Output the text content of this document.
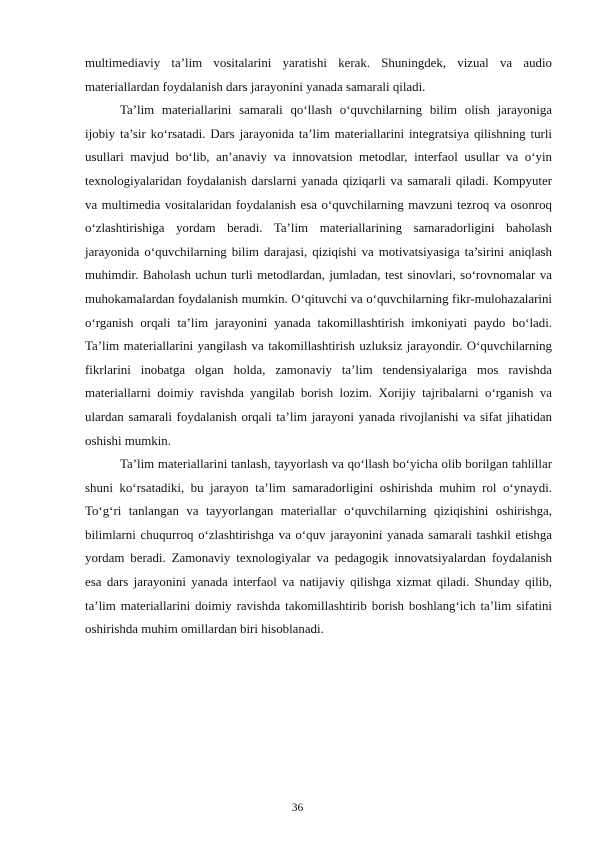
multimediaviy ta’lim vositalarini yaratishi kerak. Shuningdek, vizual va audio materiallardan foydalanish dars jarayonini yanada samarali qiladi.

Ta’lim materiallarini samarali qo‘llash o‘quvchilarning bilim olish jarayoniga ijobiy ta’sir ko‘rsatadi. Dars jarayonida ta’lim materiallarini integratsiya qilishning turli usullari mavjud bo‘lib, an’anaviy va innovatsion metodlar, interfaol usullar va o‘yin texnologiyalaridan foydalanish darslarni yanada qiziqarli va samarali qiladi. Kompyuter va multimedia vositalaridan foydalanish esa o‘quvchilarning mavzuni tezroq va osonroq o‘zlashtirishiga yordam beradi. Ta’lim materiallarining samaradorligini baholash jarayonida o‘quvchilarning bilim darajasi, qiziqishi va motivatsiyasiga ta’sirini aniqlash muhimdir. Baholash uchun turli metodlardan, jumladan, test sinovlari, so‘rovnomalar va muhokamalardan foydalanish mumkin. O‘qituvchi va o‘quvchilarning fikr-mulohazalarini o‘rganish orqali ta’lim jarayonini yanada takomillashtirish imkoniyati paydo bo‘ladi. Ta’lim materiallarini yangilash va takomillashtirish uzluksiz jarayondir. O‘quvchilarning fikrlarini inobatga olgan holda, zamonaviy ta’lim tendensiyalariga mos ravishda materiallarni doimiy ravishda yangilab borish lozim. Xorijiy tajribalarni o‘rganish va ulardan samarali foydalanish orqali ta’lim jarayoni yanada rivojlanishi va sifat jihatidan oshishi mumkin.

Ta’lim materiallarini tanlash, tayyorlash va qo‘llash bo‘yicha olib borilgan tahlillar shuni ko‘rsatadiki, bu jarayon ta’lim samaradorligini oshirishda muhim rol o‘ynaydi. To‘g‘ri tanlangan va tayyorlangan materiallar o‘quvchilarning qiziqishini oshirishga, bilimlarni chuqurroq o‘zlashtirishga va o‘quv jarayonini yanada samarali tashkil etishga yordam beradi. Zamonaviy texnologiyalar va pedagogik innovatsiyalardan foydalanish esa dars jarayonini yanada interfaol va natijaviy qilishga xizmat qiladi. Shunday qilib, ta’lim materiallarini doimiy ravishda takomillashtirib borish boshlang‘ich ta’lim sifatini oshirishda muhim omillardan biri hisoblanadi.

36
